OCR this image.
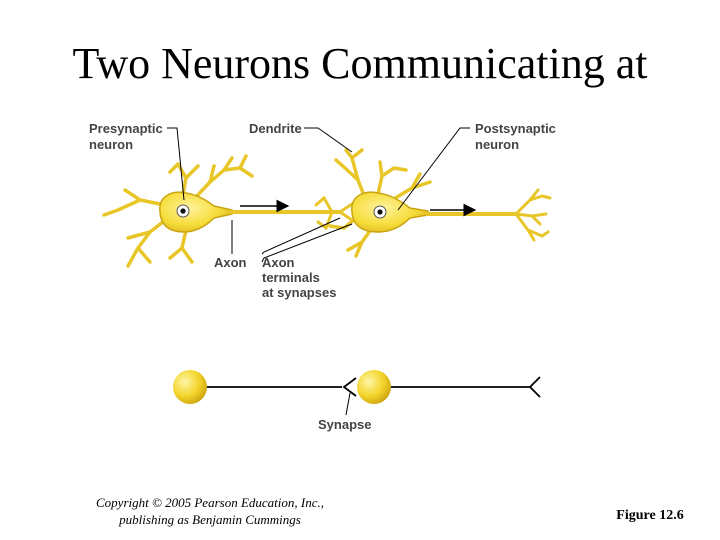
Two Neurons Communicating at
Presynaptic
neuron
Dendrite	Postsynaptic
neuron
Axon Axon
terminals
at synapses
Synapse
Copyright © 2005 Pearson Education, Inc.,
publishing as Benjamin Cummings	Figure 12.6
